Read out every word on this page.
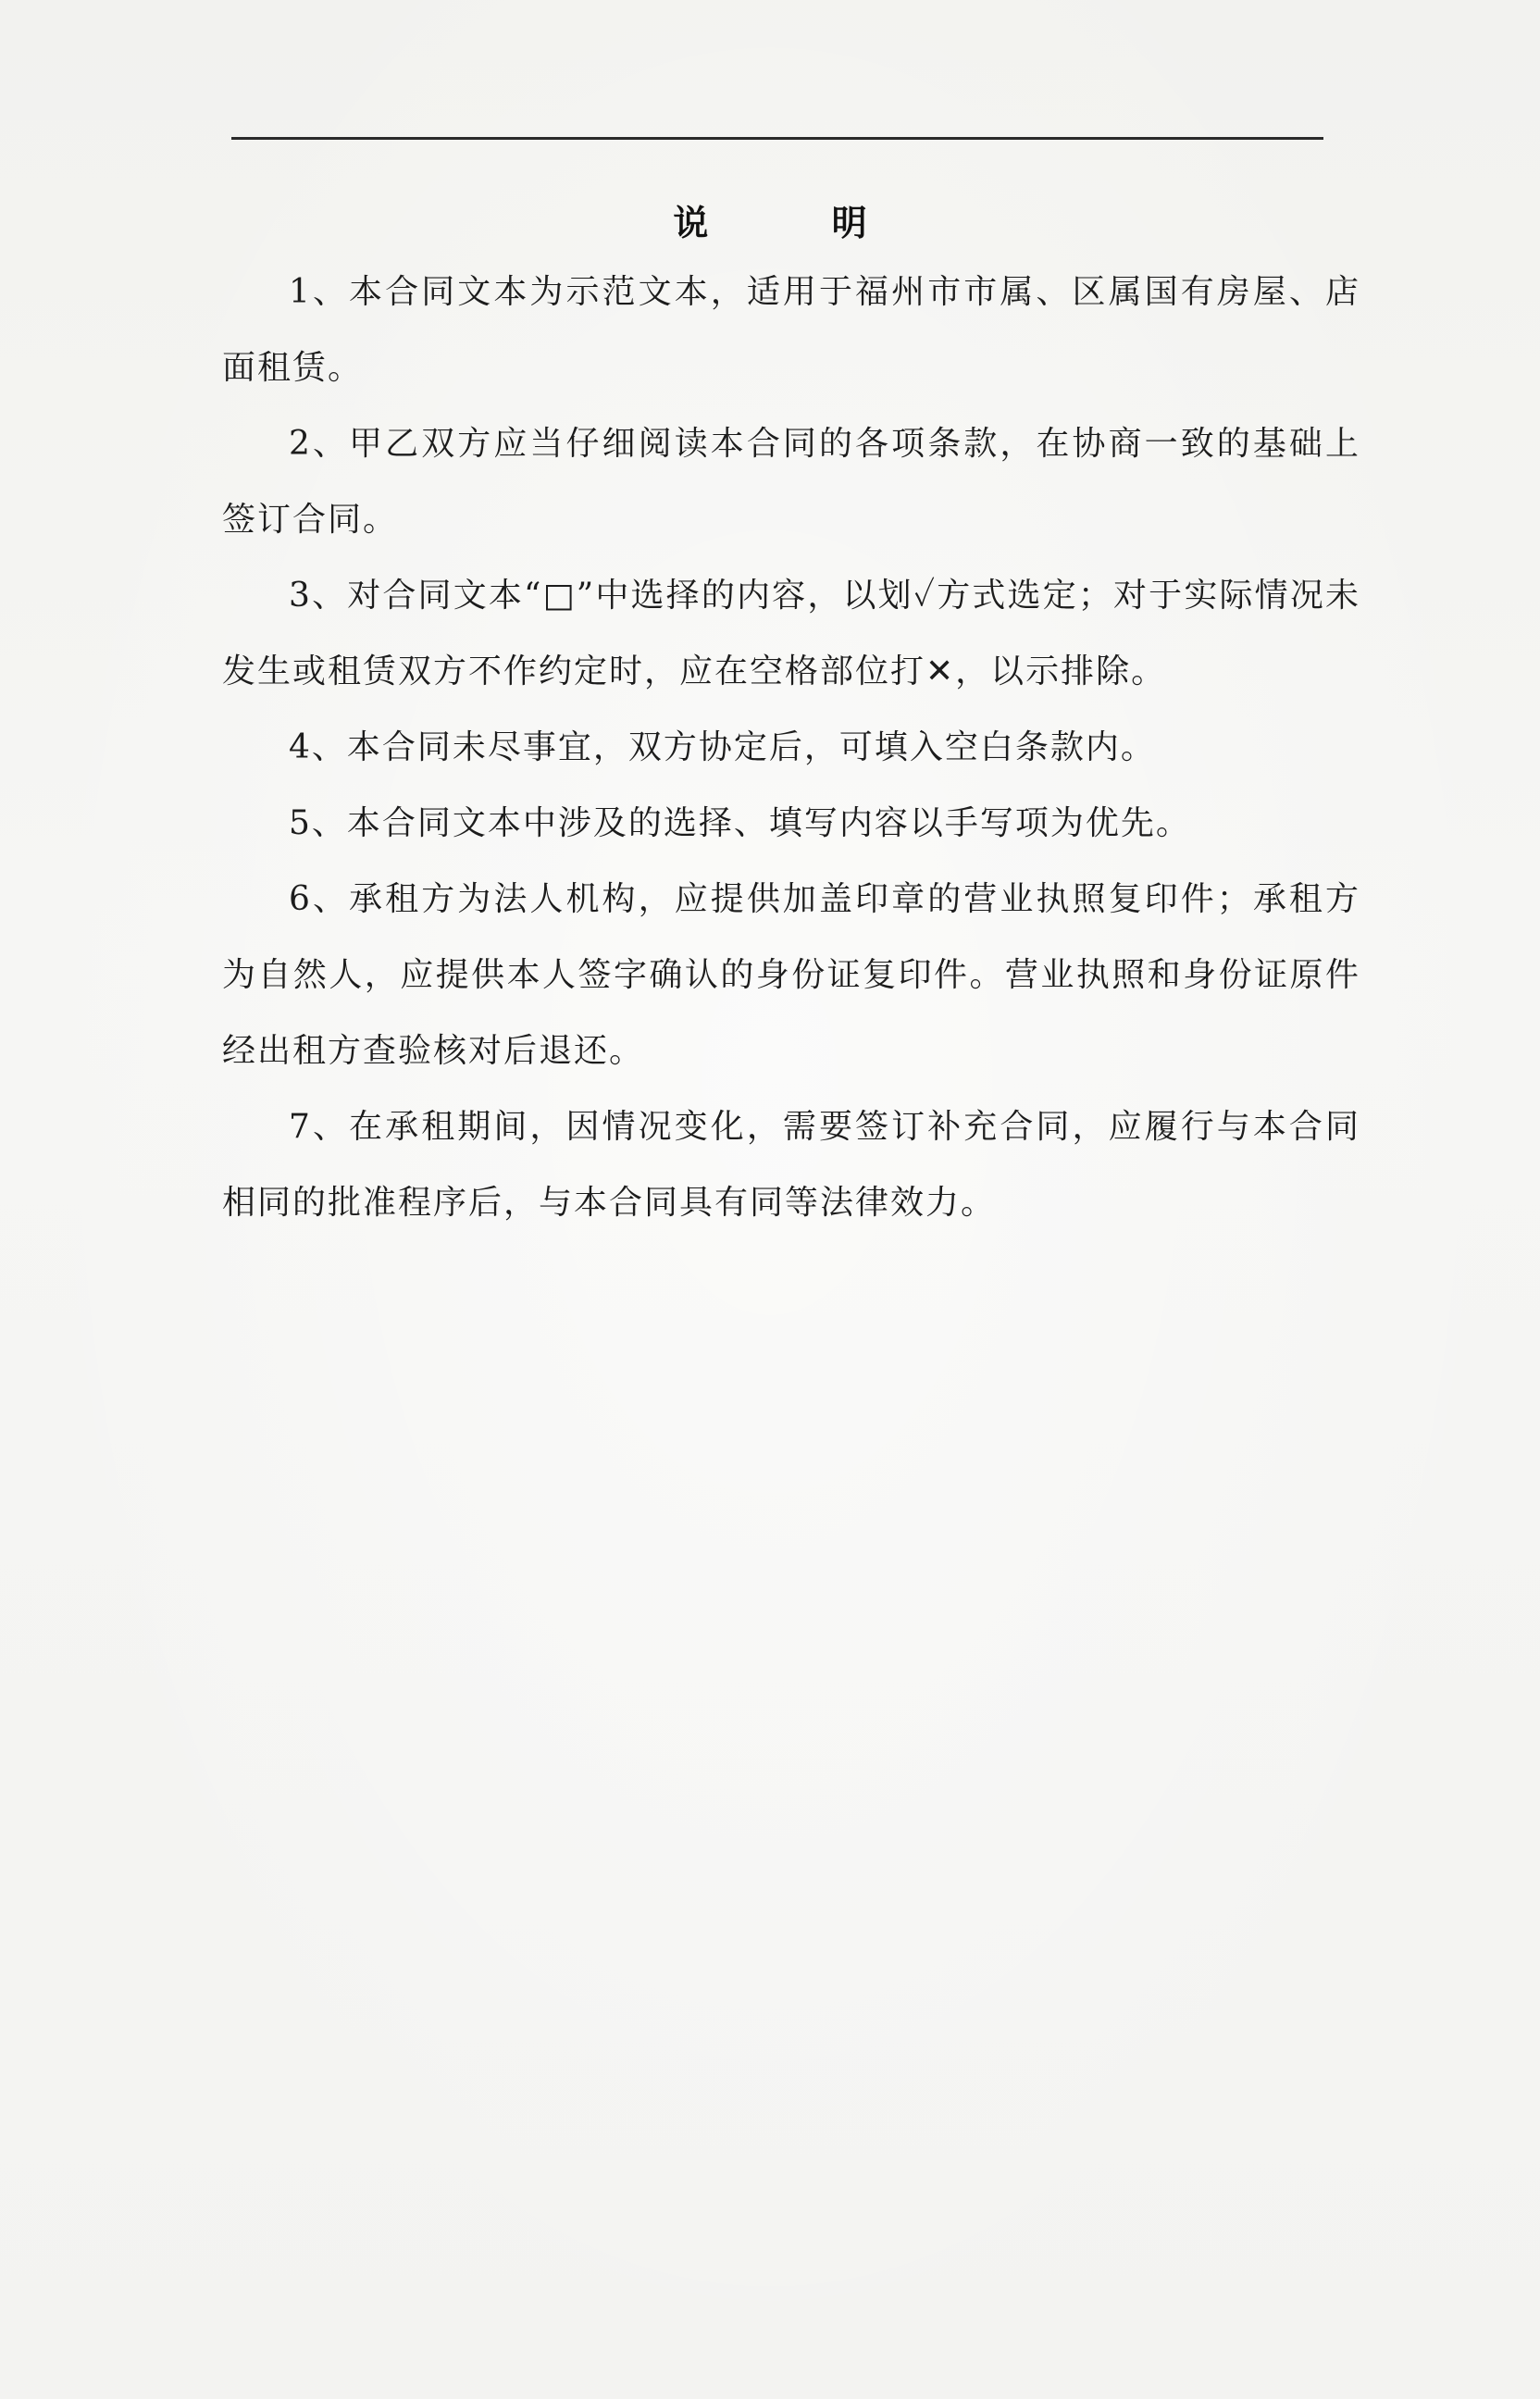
说 明

1、本合同文本为示范文本，适用于福州市市属、区属国有房屋、店面租赁。

2、甲乙双方应当仔细阅读本合同的各项条款，在协商一致的基础上签订合同。

3、对合同文本“□”中选择的内容，以划✓方式选定；对于实际情况未发生或租赁双方不作约定时，应在空格部位打✕，以示排除。

4、本合同未尽事宜，双方协定后，可填入空白条款内。

5、本合同文本中涉及的选择、填写内容以手写项为优先。

6、承租方为法人机构，应提供加盖印章的营业执照复印件；承租方为自然人，应提供本人签字确认的身份证复印件。营业执照和身份证原件经出租方查验核对后退还。

7、在承租期间，因情况变化，需要签订补充合同，应履行与本合同相同的批准程序后，与本合同具有同等法律效力。
